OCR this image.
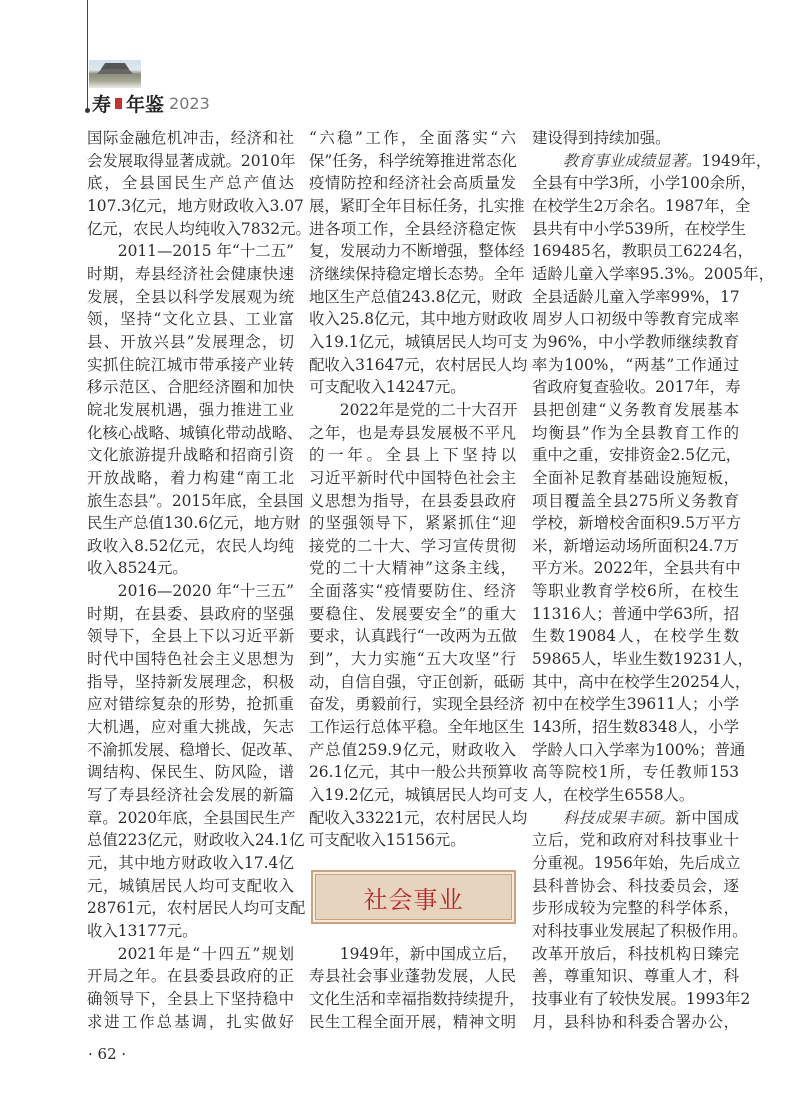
寿 年鉴 2023
国际金融危机冲击，经济和社
会发展取得显著成就。2010年
底，全县国民生产总产值达
107.3亿元，地方财政收入3.07
亿元，农民人均纯收入7832元。
2011—2015 年“十二五”
时期，寿县经济社会健康快速
发展，全县以科学发展观为统
领，坚持“文化立县、工业富
县、开放兴县”发展理念，切
实抓住皖江城市带承接产业转
移示范区、合肥经济圈和加快
皖北发展机遇，强力推进工业
化核心战略、城镇化带动战略、
文化旅游提升战略和招商引资
开放战略，着力构建“南工北
旅生态县”。2015年底，全县国
民生产总值130.6亿元，地方财
政收入8.52亿元，农民人均纯
收入8524元。
2016—2020 年“十三五”
时期，在县委、县政府的坚强
领导下，全县上下以习近平新
时代中国特色社会主义思想为
指导，坚持新发展理念，积极
应对错综复杂的形势，抢抓重
大机遇，应对重大挑战，矢志
不渝抓发展、稳增长、促改革、
调结构、保民生、防风险，谱
写了寿县经济社会发展的新篇
章。2020年底，全县国民生产
总值223亿元，财政收入24.1亿
元，其中地方财政收入17.4亿
元，城镇居民人均可支配收入
28761元，农村居民人均可支配
收入13177元。
2021年是“十四五”规划
开局之年。在县委县政府的正
确领导下，全县上下坚持稳中
求进工作总基调，扎实做好
“六稳”工作，全面落实“六
保”任务，科学统筹推进常态化
疫情防控和经济社会高质量发
展，紧盯全年目标任务，扎实推
进各项工作，全县经济稳定恢
复，发展动力不断增强，整体经
济继续保持稳定增长态势。全年
地区生产总值243.8亿元，财政
收入25.8亿元，其中地方财政收
入19.1亿元，城镇居民人均可支
配收入31647元，农村居民人均
可支配收入14247元。
2022年是党的二十大召开
之年，也是寿县发展极不平凡
的一年。全县上下坚持以
习近平新时代中国特色社会主
义思想为指导，在县委县政府
的坚强领导下，紧紧抓住“迎
接党的二十大、学习宣传贯彻
党的二十大精神”这条主线，
全面落实“疫情要防住、经济
要稳住、发展要安全”的重大
要求，认真践行“一改两为五做
到”，大力实施“五大攻坚”行
动，自信自强，守正创新，砥砺
奋发，勇毅前行，实现全县经济
工作运行总体平稳。全年地区生
产总值259.9亿元，财政收入
26.1亿元，其中一般公共预算收
入19.2亿元，城镇居民人均可支
配收入33221元，农村居民人均
可支配收入15156元。
社会事业
1949年，新中国成立后，
寿县社会事业蓬勃发展，人民
文化生活和幸福指数持续提升，
民生工程全面开展，精神文明
建设得到持续加强。
教育事业成绩显著。1949年，
全县有中学3所，小学100余所，
在校学生2万余名。1987年，全
县共有中小学539所，在校学生
169485名，教职员工6224名，
适龄儿童入学率95.3%。2005年，
全县适龄儿童入学率99%，17
周岁人口初级中等教育完成率
为96%，中小学教师继续教育
率为100%，“两基”工作通过
省政府复查验收。2017年，寿
县把创建“义务教育发展基本
均衡县”作为全县教育工作的
重中之重，安排资金2.5亿元，
全面补足教育基础设施短板，
项目覆盖全县275所义务教育
学校，新增校舍面积9.5万平方
米，新增运动场所面积24.7万
平方米。2022年，全县共有中
等职业教育学校6所，在校生
11316人；普通中学63所，招
生数19084人，在校学生数
59865人，毕业生数19231人，
其中，高中在校学生20254人，
初中在校学生39611人；小学
143所，招生数8348人，小学
学龄人口入学率为100%；普通
高等院校1所，专任教师153
人，在校学生6558人。
科技成果丰硕。新中国成
立后，党和政府对科技事业十
分重视。1956年始，先后成立
县科普协会、科技委员会，逐
步形成较为完整的科学体系，
对科技事业发展起了积极作用。
改革开放后，科技机构日臻完
善，尊重知识、尊重人才，科
技事业有了较快发展。1993年2
月，县科协和科委合署办公，
· 62 ·
